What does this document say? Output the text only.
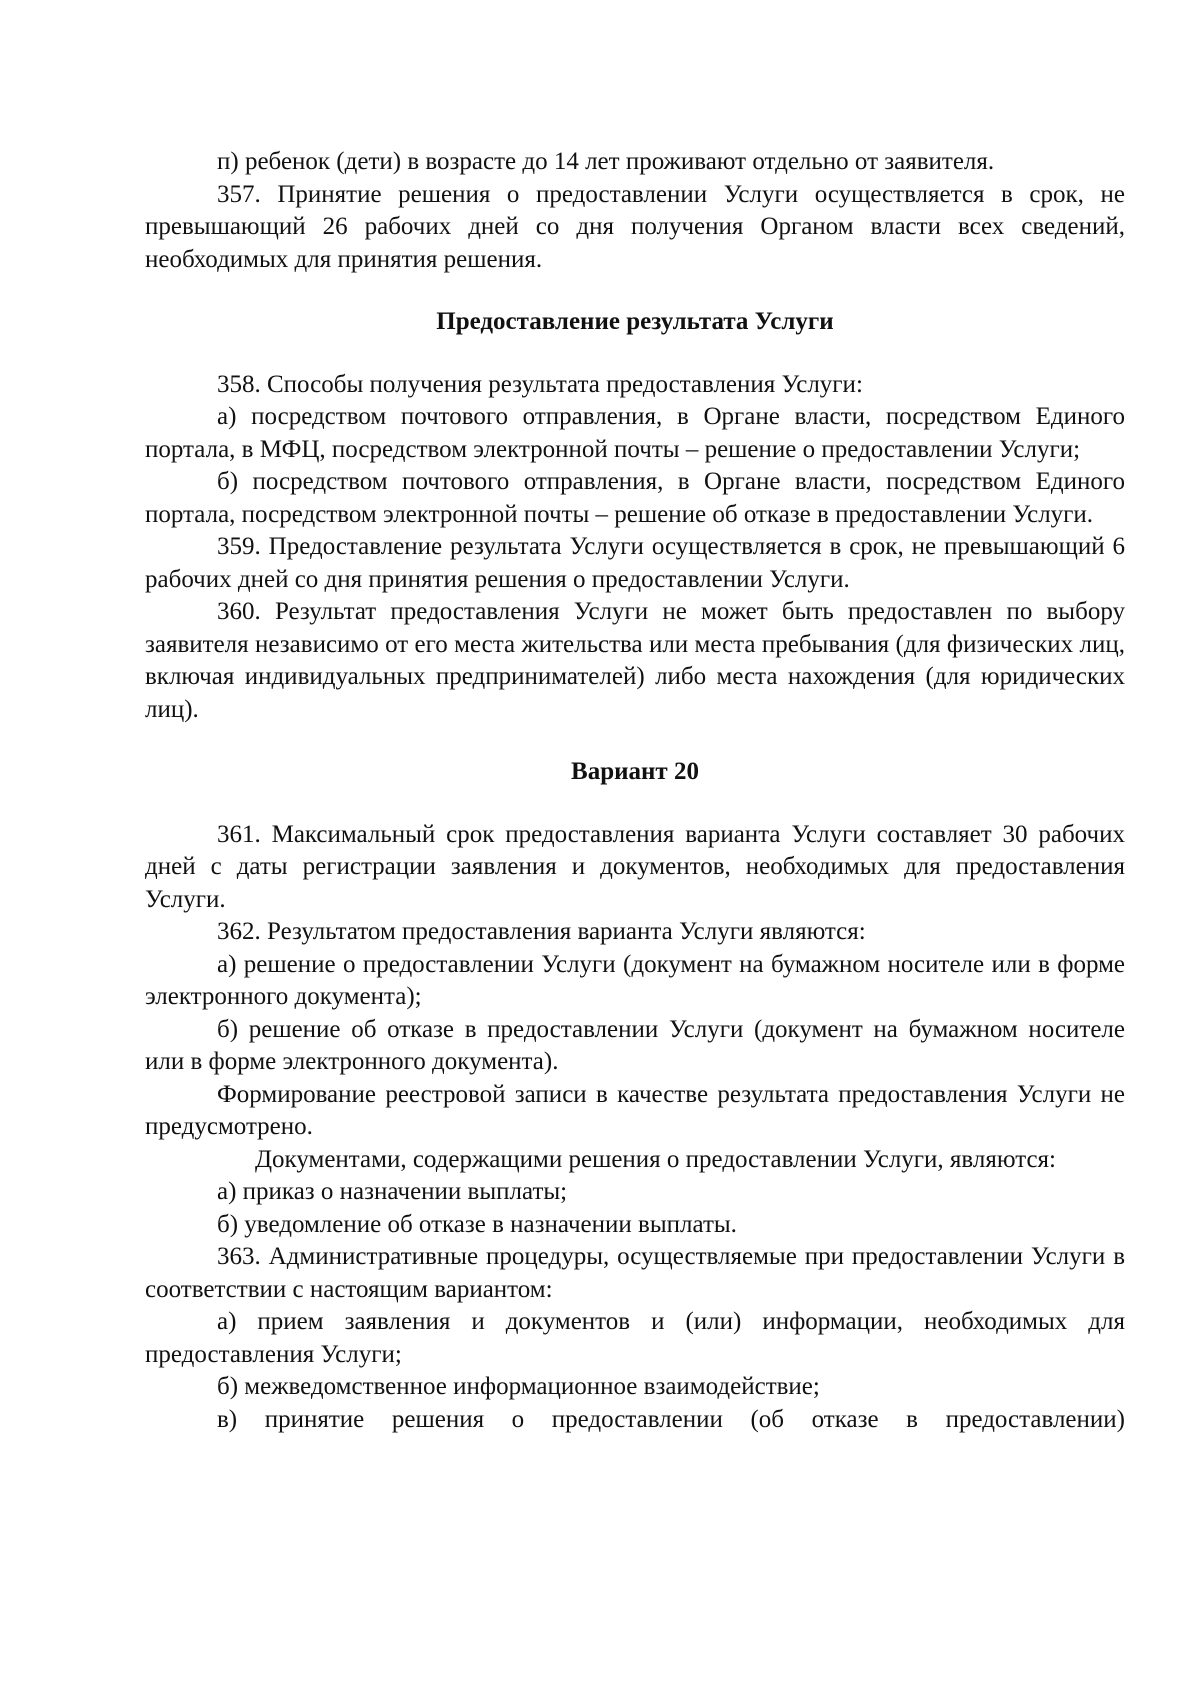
п) ребенок (дети) в возрасте до 14 лет проживают отдельно от заявителя.

357. Принятие решения о предоставлении Услуги осуществляется в срок, не превышающий 26 рабочих дней со дня получения Органом власти всех сведений, необходимых для принятия решения.

Предоставление результата Услуги

358. Способы получения результата предоставления Услуги:

а) посредством почтового отправления, в Органе власти, посредством Единого портала, в МФЦ, посредством электронной почты – решение о предоставлении Услуги;

б) посредством почтового отправления, в Органе власти, посредством Единого портала, посредством электронной почты – решение об отказе в предоставлении Услуги.

359. Предоставление результата Услуги осуществляется в срок, не превышающий 6 рабочих дней со дня принятия решения о предоставлении Услуги.

360. Результат предоставления Услуги не может быть предоставлен по выбору заявителя независимо от его места жительства или места пребывания (для физических лиц, включая индивидуальных предпринимателей) либо места нахождения (для юридических лиц).

Вариант 20

361. Максимальный срок предоставления варианта Услуги составляет 30 рабочих дней с даты регистрации заявления и документов, необходимых для предоставления Услуги.

362. Результатом предоставления варианта Услуги являются:

а) решение о предоставлении Услуги (документ на бумажном носителе или в форме электронного документа);

б) решение об отказе в предоставлении Услуги (документ на бумажном носителе или в форме электронного документа).

Формирование реестровой записи в качестве результата предоставления Услуги не предусмотрено.

Документами, содержащими решения о предоставлении Услуги, являются:

а) приказ о назначении выплаты;

б) уведомление об отказе в назначении выплаты.

363. Административные процедуры, осуществляемые при предоставлении Услуги в соответствии с настоящим вариантом:

а) прием заявления и документов и (или) информации, необходимых для предоставления Услуги;

б) межведомственное информационное взаимодействие;

в) принятие решения о предоставлении (об отказе в предоставлении)
